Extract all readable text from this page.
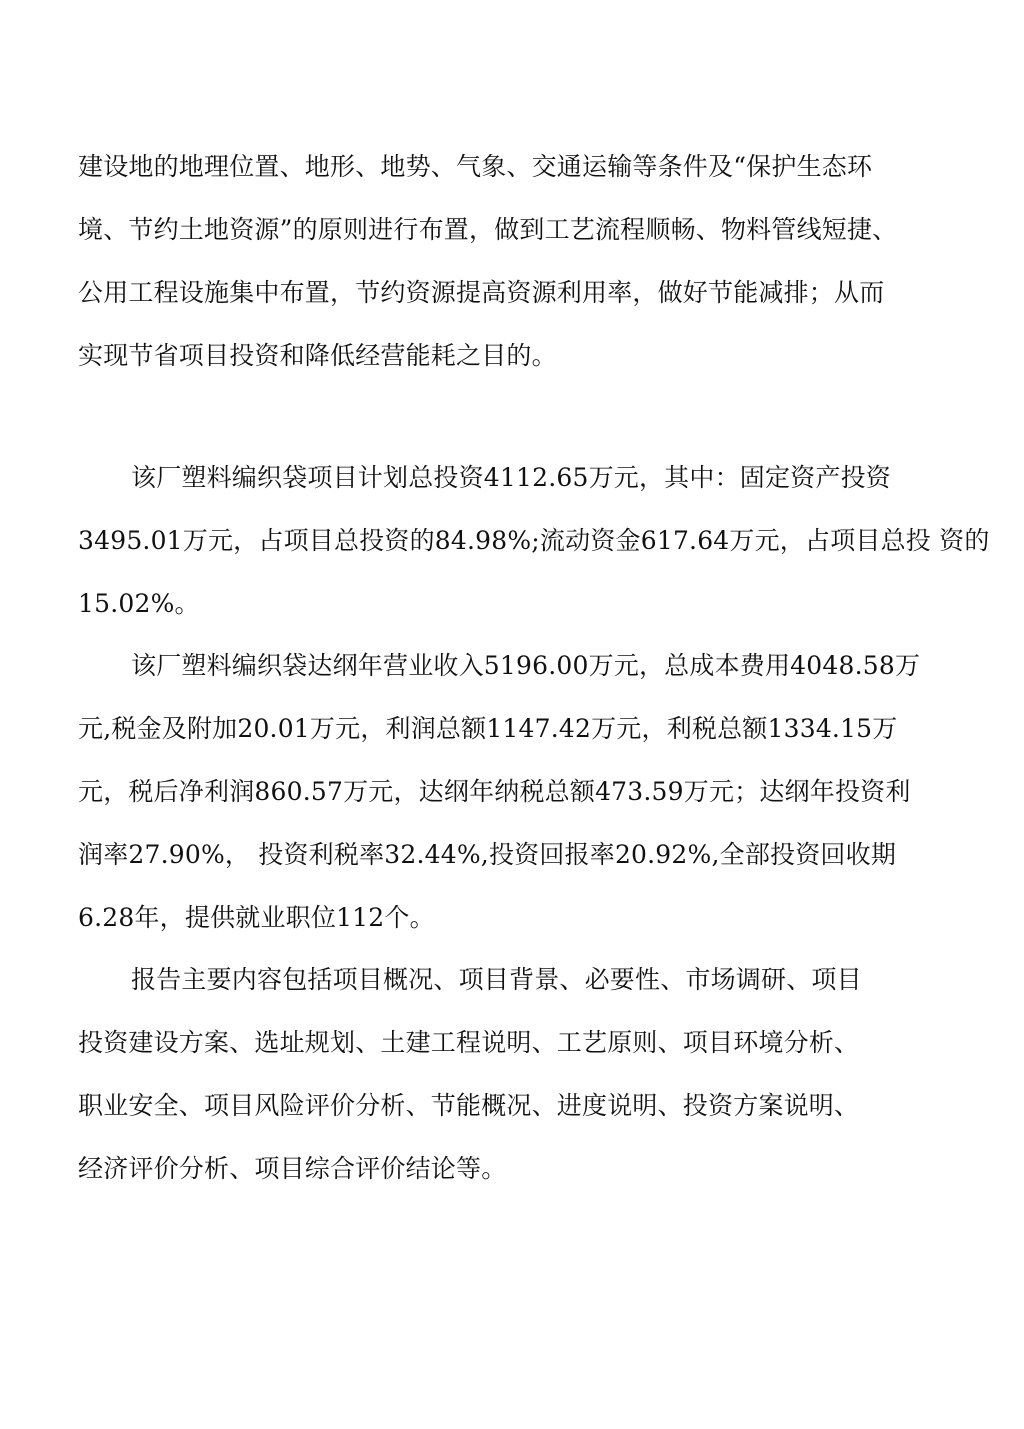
建设地的地理位置、地形、地势、气象、交通运输等条件及“保护生态环
境、节约土地资源”的原则进行布置，做到工艺流程顺畅、物料管线短捷、
公用工程设施集中布置，节约资源提高资源利用率，做好节能减排；从而
实现节省项目投资和降低经营能耗之目的。
该厂塑料编织袋项目计划总投资4112.65万元，其中：固定资产投资
3495.01万元，占项目总投资的84.98%;流动资金617.64万元，占项目总投 资的
15.02%。
该厂塑料编织袋达纲年营业收入5196.00万元，总成本费用4048.58万
元,税金及附加20.01万元，利润总额1147.42万元，利税总额1334.15万
元，税后净利润860.57万元，达纲年纳税总额473.59万元；达纲年投资利
润率27.90%， 投资利税率32.44%,投资回报率20.92%,全部投资回收期
6.28年，提供就业职位112个。
报告主要内容包括项目概况、项目背景、必要性、市场调研、项目
投资建设方案、选址规划、土建工程说明、工艺原则、项目环境分析、
职业安全、项目风险评价分析、节能概况、进度说明、投资方案说明、
经济评价分析、项目综合评价结论等。
